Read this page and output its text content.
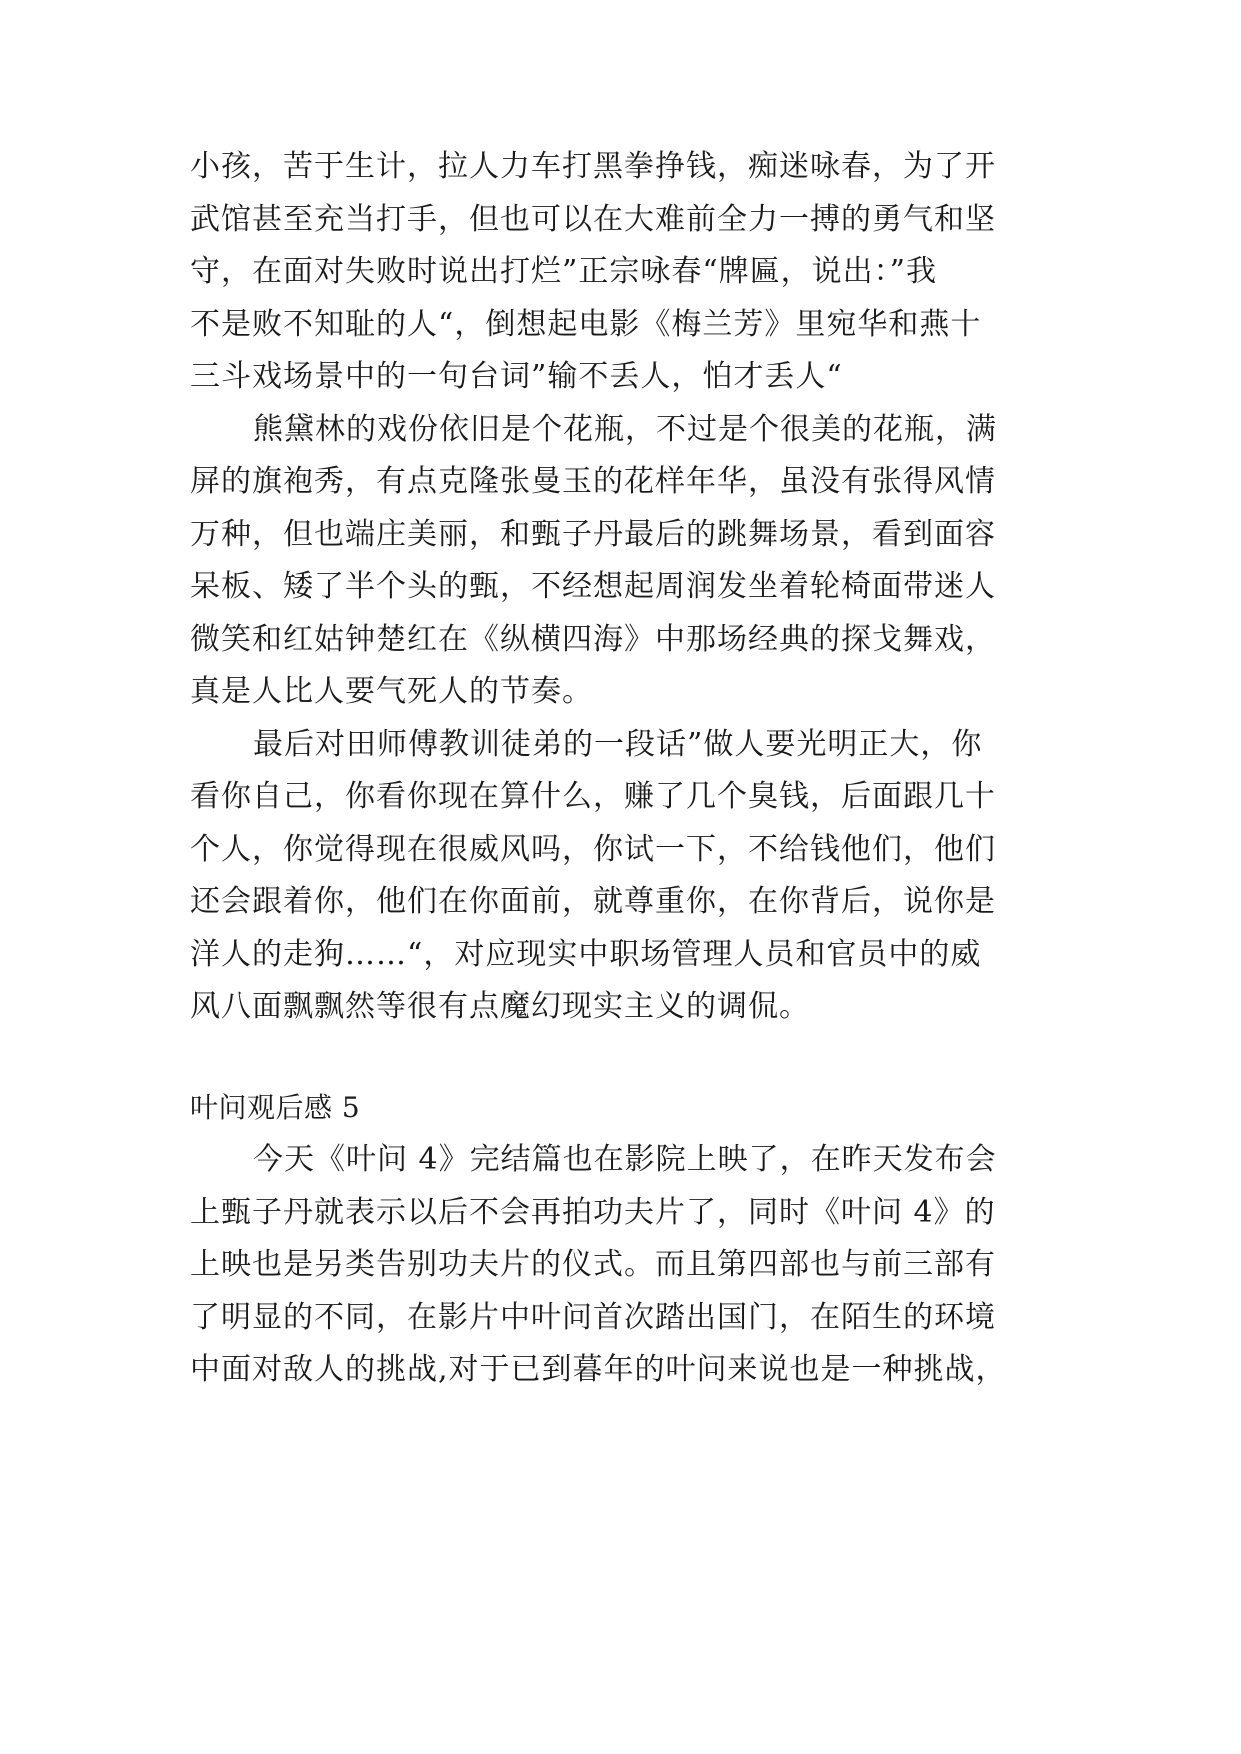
小孩，苦于生计，拉人力车打黑拳挣钱，痴迷咏春，为了开
武馆甚至充当打手，但也可以在大难前全力一搏的勇气和坚
守，在面对失败时说出打烂”正宗咏春“牌匾，说出：”我
不是败不知耻的人“，倒想起电影《梅兰芳》里宛华和燕十
三斗戏场景中的一句台词”输不丢人，怕才丢人“
熊黛林的戏份依旧是个花瓶，不过是个很美的花瓶，满
屏的旗袍秀，有点克隆张曼玉的花样年华，虽没有张得风情
万种，但也端庄美丽，和甄子丹最后的跳舞场景，看到面容
呆板、矮了半个头的甄，不经想起周润发坐着轮椅面带迷人
微笑和红姑钟楚红在《纵横四海》中那场经典的探戈舞戏，
真是人比人要气死人的节奏。
最后对田师傅教训徒弟的一段话”做人要光明正大，你
看你自己，你看你现在算什么，赚了几个臭钱，后面跟几十
个人，你觉得现在很威风吗，你试一下，不给钱他们，他们
还会跟着你，他们在你面前，就尊重你，在你背后，说你是
洋人的走狗……“，对应现实中职场管理人员和官员中的威
风八面飘飘然等很有点魔幻现实主义的调侃。
叶问观后感 5
今天《叶问 4》完结篇也在影院上映了，在昨天发布会
上甄子丹就表示以后不会再拍功夫片了，同时《叶问 4》的
上映也是另类告别功夫片的仪式。而且第四部也与前三部有
了明显的不同，在影片中叶问首次踏出国门，在陌生的环境
中面对敌人的挑战,对于已到暮年的叶问来说也是一种挑战，
